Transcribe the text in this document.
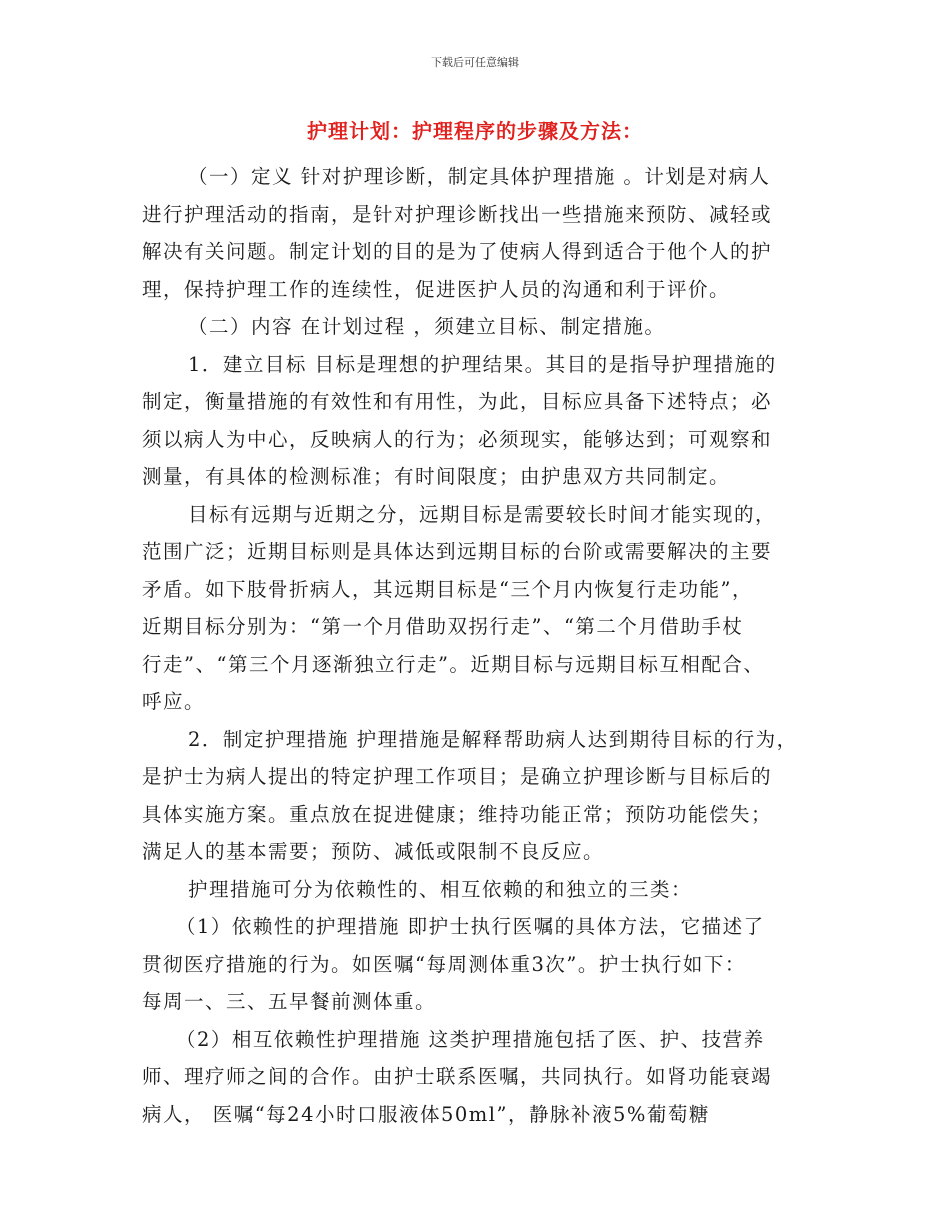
下载后可任意编辑
护理计划：护理程序的步骤及方法：
（一）定义 针对护理诊断，制定具体护理措施 。计划是对病人
进行护理活动的指南，是针对护理诊断找出一些措施来预防、减轻或
解决有关问题。制定计划的目的是为了使病人得到适合于他个人的护
理，保持护理工作的连续性，促进医护人员的沟通和利于评价。
（二）内容 在计划过程 ，须建立目标、制定措施。
1．建立目标 目标是理想的护理结果。其目的是指导护理措施的
制定，衡量措施的有效性和有用性，为此，目标应具备下述特点；必
须以病人为中心，反映病人的行为；必须现实，能够达到；可观察和
测量，有具体的检测标准；有时间限度；由护患双方共同制定。
目标有远期与近期之分，远期目标是需要较长时间才能实现的，
范围广泛；近期目标则是具体达到远期目标的台阶或需要解决的主要
矛盾。如下肢骨折病人，其远期目标是“三个月内恢复行走功能”，
近期目标分别为：“第一个月借助双拐行走”、“第二个月借助手杖
行走”、“第三个月逐渐独立行走”。近期目标与远期目标互相配合、
呼应。
2．制定护理措施 护理措施是解释帮助病人达到期待目标的行为，
是护士为病人提出的特定护理工作项目；是确立护理诊断与目标后的
具体实施方案。重点放在捉进健康；维持功能正常；预防功能偿失；
满足人的基本需要；预防、减低或限制不良反应。
护理措施可分为依赖性的、相互依赖的和独立的三类：
（1）依赖性的护理措施 即护士执行医嘱的具体方法，它描述了
贯彻医疗措施的行为。如医嘱“每周测体重3次”。护士执行如下：
每周一、三、五早餐前测体重。
（2）相互依赖性护理措施 这类护理措施包括了医、护、技营养
师、理疗师之间的合作。由护士联系医嘱，共同执行。如肾功能衰竭
病人， 医嘱“每24小时口服液体50ml”，静脉补液5%葡萄糖
